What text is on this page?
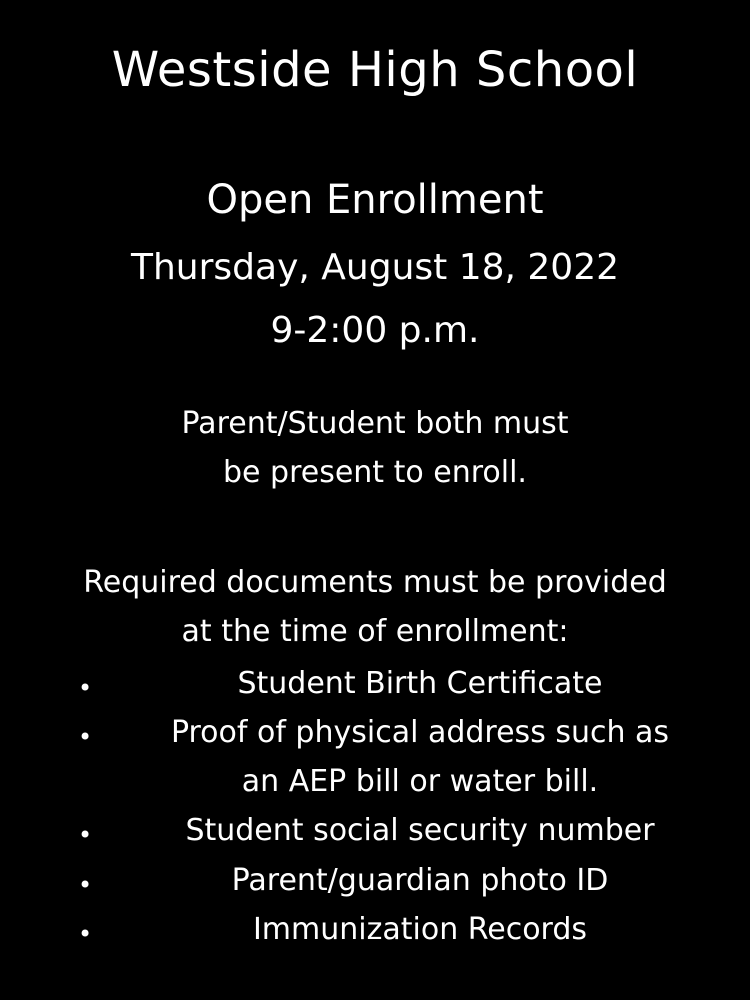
Westside High School
Open Enrollment
Thursday, August 18, 2022
9-2:00 p.m.
Parent/Student both must
be present to enroll.
Required documents must be provided
at the time of enrollment:
•	Student Birth Certificate
•	Proof of physical address such as
an AEP bill or water bill.
•	Student social security number
•	Parent/guardian photo ID
•	Immunization Records
